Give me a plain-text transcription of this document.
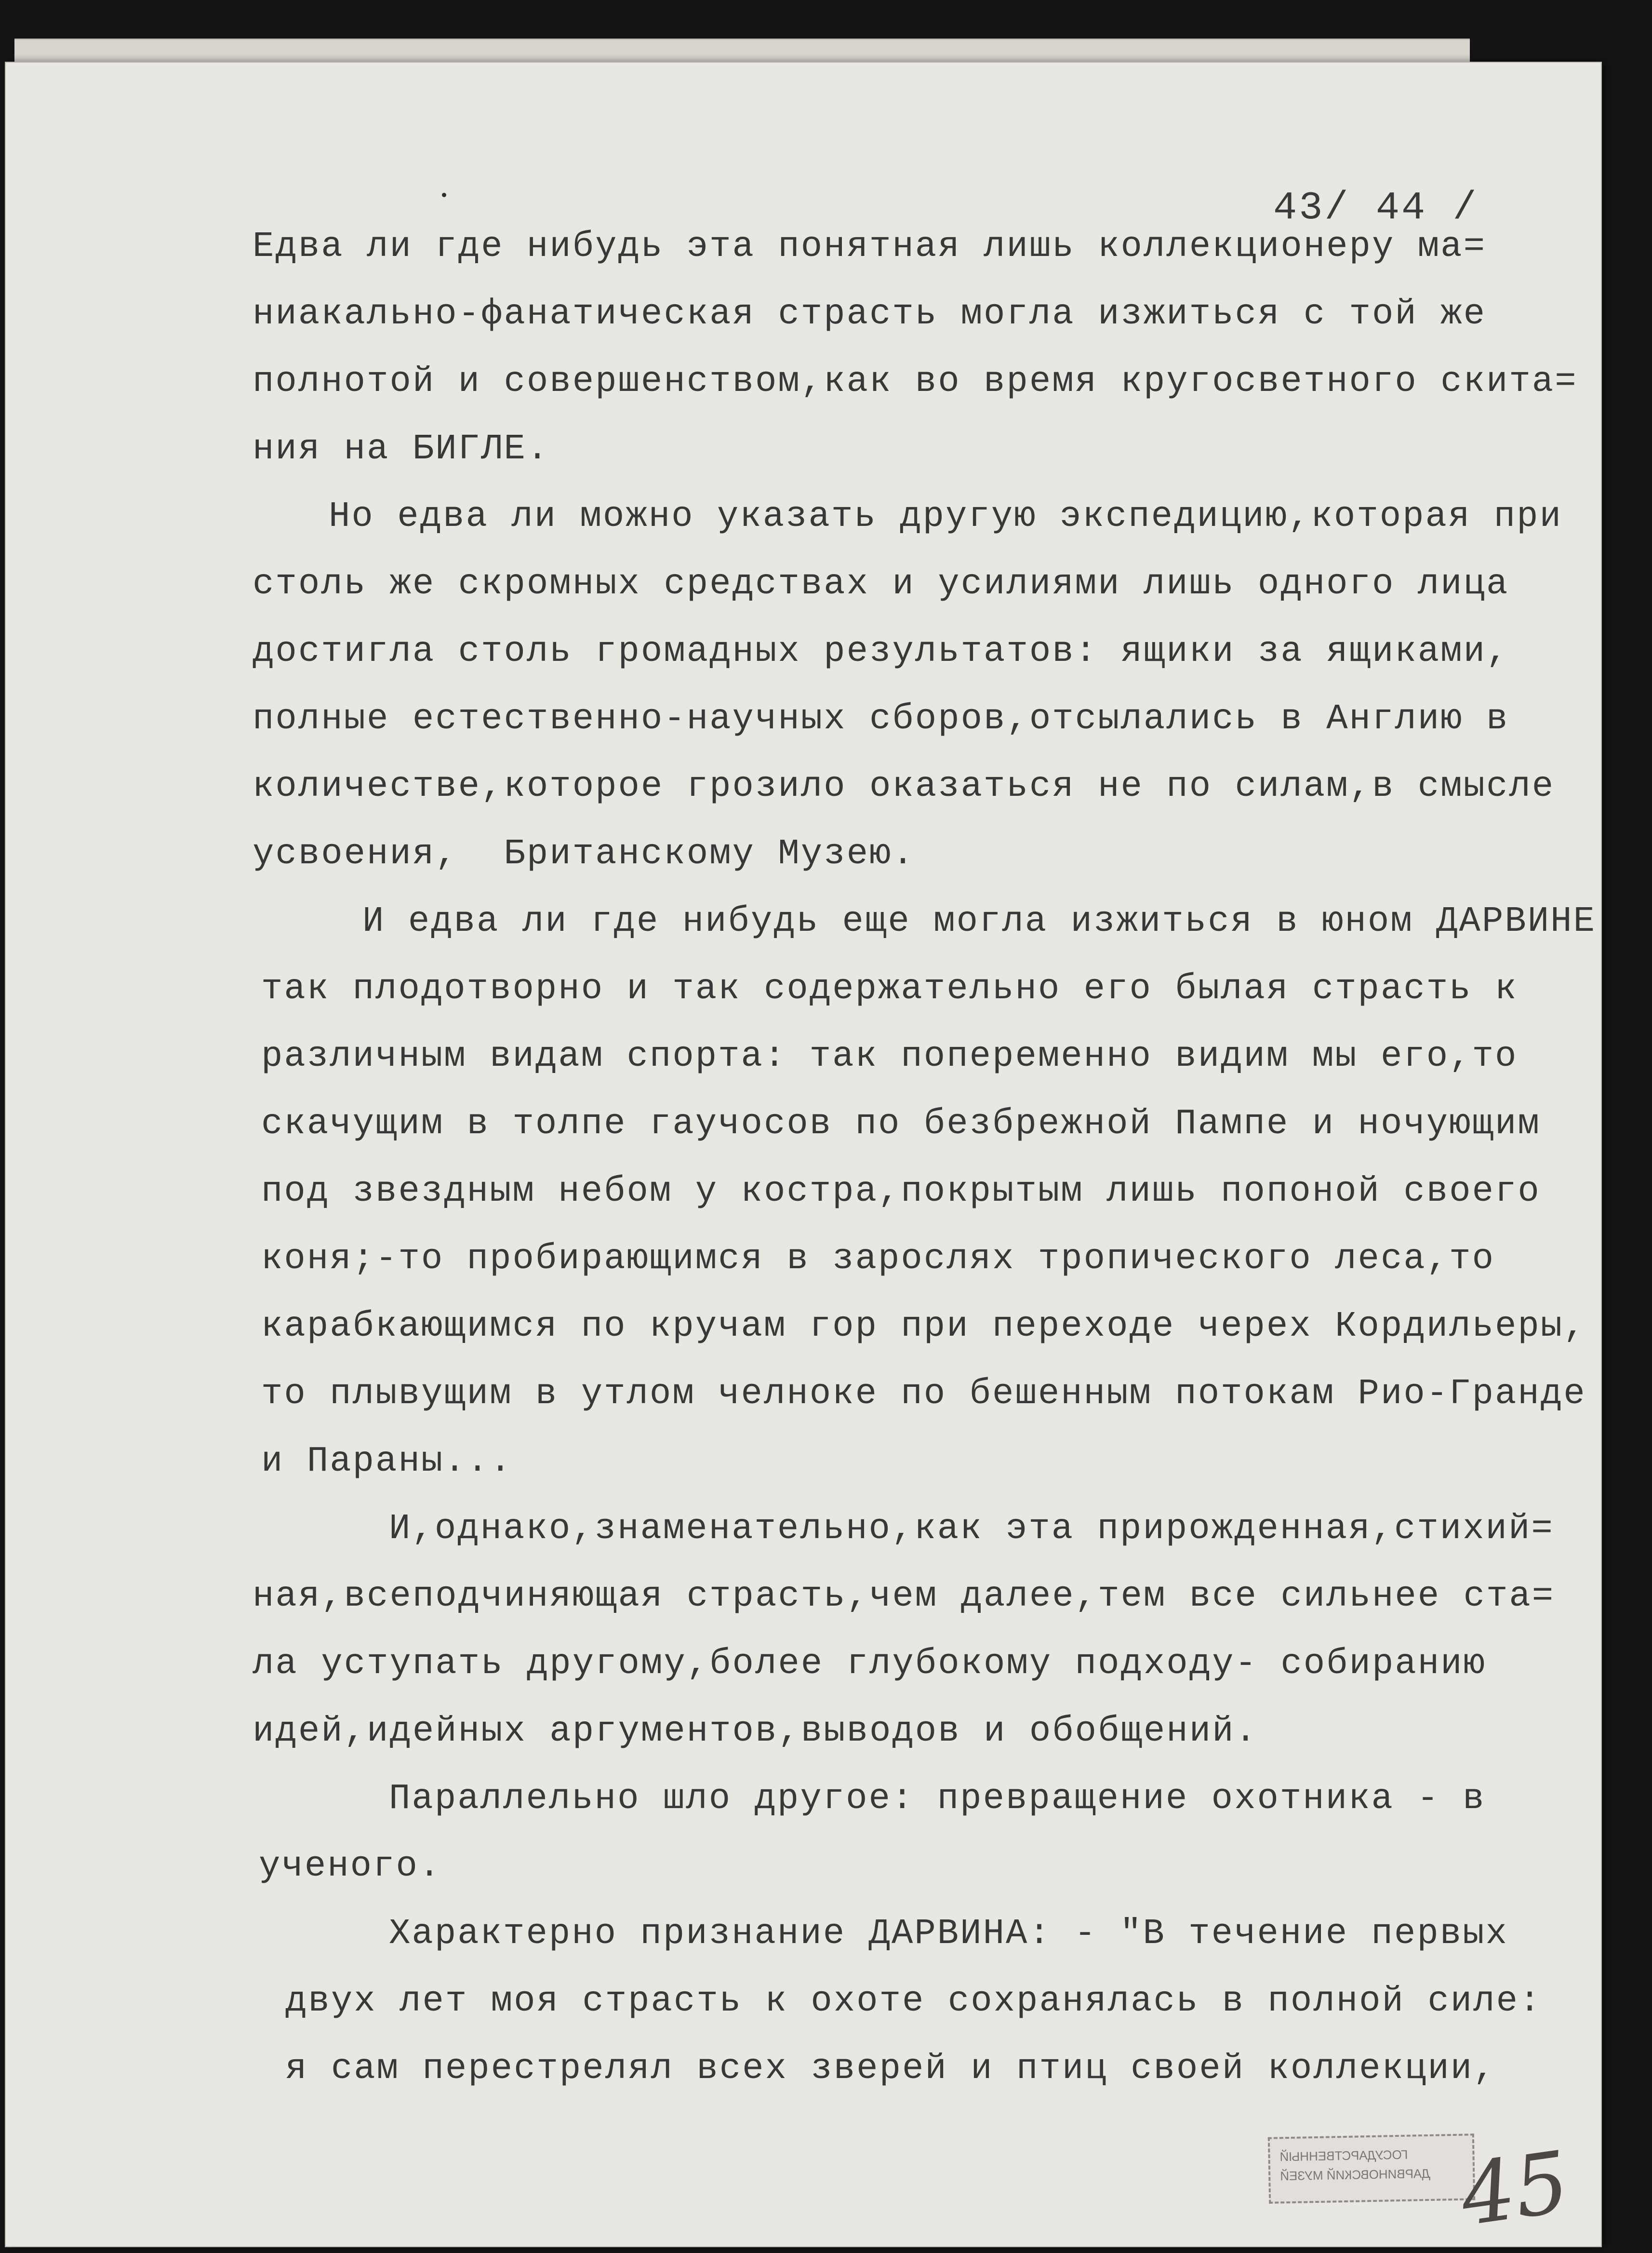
43/ 44 /
Едва ли где нибудь эта понятная лишь коллекционеру ма=
ниакально-фанатическая страсть могла изжиться с той же
полнотой и совершенством,как во время кругосветного скита=
ния на БИГЛЕ.
Но едва ли можно указать другую экспедицию,которая при
столь же скромных средствах и усилиями лишь одного лица
достигла столь громадных результатов: ящики за ящиками,
полные естественно-научных сборов,отсылались в Англию в
количестве,которое грозило оказаться не по силам,в смысле
усвоения,  Британскому Музею.
И едва ли где нибудь еще могла изжиться в юном ДАРВИНЕ
так плодотворно и так содержательно его былая страсть к
различным видам спорта: так попеременно видим мы его,то
скачущим в толпе гаучосов по безбрежной Пампе и ночующим
под звездным небом у костра,покрытым лишь попоной своего
коня;-то пробирающимся в зарослях тропического леса,то
карабкающимся по кручам гор при переходе черех Кордильеры,
то плывущим в утлом челноке по бешенным потокам Рио-Гранде
и Параны...
И,однако,знаменательно,как эта прирожденная,стихий=
ная,всеподчиняющая страсть,чем далее,тем все сильнее ста=
ла уступать другому,более глубокому подходу- собиранию
идей,идейных аргументов,выводов и обобщений.
Параллельно шло другое: превращение охотника - в
ученого.
Характерно признание ДАРВИНА: - "В течение первых
двух лет моя страсть к охоте сохранялась в полной силе:
я сам перестрелял всех зверей и птиц своей коллекции,
ГОСУДАРСТВЕННЫЙ
ДАРВИНОВСКИЙ МУЗЕЙ 45
